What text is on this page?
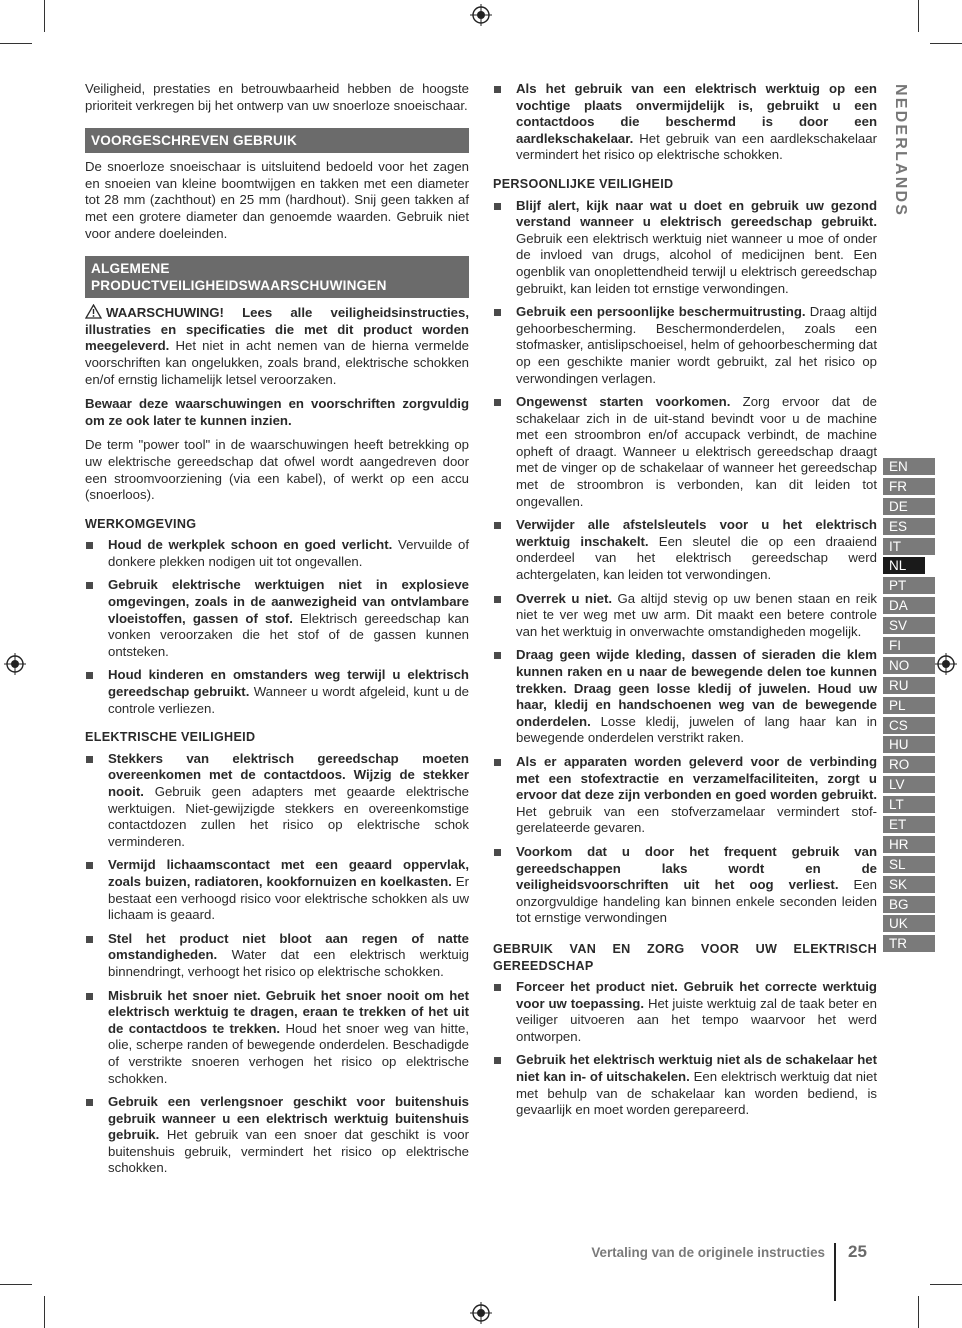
Veiligheid, prestaties en betrouwbaarheid hebben de hoogste prioriteit verkregen bij het ontwerp van uw snoerloze snoeischaar.

VOORGESCHREVEN GEBRUIK

De snoerloze snoeischaar is uitsluitend bedoeld voor het zagen en snoeien van kleine boomtwijgen en takken met een diameter tot 28 mm (zachthout) en 25 mm (hardhout). Snij geen takken af met een grotere diameter dan genoemde waarden. Gebruik niet voor andere doeleinden.

ALGEMENE
PRODUCTVEILIGHEIDSWAARSCHUWINGEN

WAARSCHUWING! Lees alle veiligheidsinstructies, illustraties en specificaties die met dit product worden meegeleverd. Het niet in acht nemen van de hierna vermelde voorschriften kan ongelukken, zoals brand, elektrische schokken en/of ernstig lichamelijk letsel veroorzaken.

Bewaar deze waarschuwingen en voorschriften zorgvuldig om ze ook later te kunnen inzien.

De term "power tool" in de waarschuwingen heeft betrekking op uw elektrische gereedschap dat ofwel wordt aangedreven door een stroomvoorziening (via een kabel), of werkt op een accu (snoerloos).

WERKOMGEVING
Houd de werkplek schoon en goed verlicht. Vervuilde of donkere plekken nodigen uit tot ongevallen.
Gebruik elektrische werktuigen niet in explosieve omgevingen, zoals in de aanwezigheid van ontvlambare vloeistoffen, gassen of stof. Elektrisch gereedschap kan vonken veroorzaken die het stof of de gassen kunnen ontsteken.
Houd kinderen en omstanders weg terwijl u elektrisch gereedschap gebruikt. Wanneer u wordt afgeleid, kunt u de controle verliezen.
ELEKTRISCHE VEILIGHEID
Stekkers van elektrisch gereedschap moeten overeenkomen met de contactdoos. Wijzig de stekker nooit. Gebruik geen adapters met geaarde elektrische werktuigen. Niet-gewijzigde stekkers en overeenkomstige contactdozen zullen het risico op elektrische schok verminderen.
Vermijd lichaamscontact met een geaard oppervlak, zoals buizen, radiatoren, kookfornuizen en koelkasten. Er bestaat een verhoogd risico voor elektrische schokken als uw lichaam is geaard.
Stel het product niet bloot aan regen of natte omstandigheden. Water dat een elektrisch werktuig binnendringt, verhoogt het risico op elektrische schokken.
Misbruik het snoer niet. Gebruik het snoer nooit om het elektrisch werktuig te dragen, eraan te trekken of het uit de contactdoos te trekken. Houd het snoer weg van hitte, olie, scherpe randen of bewegende onderdelen. Beschadigde of verstrikte snoeren verhogen het risico op elektrische schokken.
Gebruik een verlengsnoer geschikt voor buitenshuis gebruik wanneer u een elektrisch werktuig buitenshuis gebruik. Het gebruik van een snoer dat geschikt is voor buitenshuis gebruik, vermindert het risico op elektrische schokken.
Als het gebruik van een elektrisch werktuig op een vochtige plaats onvermijdelijk is, gebruikt u een contactdoos die beschermd is door een aardlekschakelaar. Het gebruik van een aardlekschakelaar vermindert het risico op elektrische schokken.
PERSOONLIJKE VEILIGHEID
Blijf alert, kijk naar wat u doet en gebruik uw gezond verstand wanneer u elektrisch gereedschap gebruikt. Gebruik een elektrisch werktuig niet wanneer u moe of onder de invloed van drugs, alcohol of medicijnen bent. Een ogenblik van onoplettendheid terwijl u elektrisch gereedschap gebruikt, kan leiden tot ernstige verwondingen.
Gebruik een persoonlijke beschermuitrusting. Draag altijd gehoorbescherming. Beschermonderdelen, zoals een stofmasker, antislipschoeisel, helm of gehoorbescherming dat op een geschikte manier wordt gebruikt, zal het risico op verwondingen verlagen.
Ongewenst starten voorkomen. Zorg ervoor dat de schakelaar zich in de uit-stand bevindt voor u de machine met een stroombron en/of accupack verbindt, de machine opheft of draagt. Wanneer u elektrisch gereedschap draagt met de vinger op de schakelaar of wanneer het gereedschap met de stroombron is verbonden, kan dit leiden tot ongevallen.
Verwijder alle afstelsleutels voor u het elektrisch werktuig inschakelt. Een sleutel die op een draaiend onderdeel van het elektrisch gereedschap werd achtergelaten, kan leiden tot verwondingen.
Overrek u niet. Ga altijd stevig op uw benen staan en reik niet te ver weg met uw arm. Dit maakt een betere controle van het werktuig in onverwachte omstandigheden mogelijk.
Draag geen wijde kleding, dassen of sieraden die klem kunnen raken en u naar de bewegende delen toe kunnen trekken. Draag geen losse kledij of juwelen. Houd uw haar, kledij en handschoenen weg van de bewegende onderdelen. Losse kledij, juwelen of lang haar kan in bewegende onderdelen verstrikt raken.
Als er apparaten worden geleverd voor de verbinding met een stofextractie en verzamelfaciliteiten, zorgt u ervoor dat deze zijn verbonden en goed worden gebruikt. Het gebruik van een stofverzamelaar vermindert stof-gerelateerde gevaren.
Voorkom dat u door het frequent gebruik van gereedschappen laks wordt en de veiligheidsvoorschriften uit het oog verliest. Een onzorgvuldige handeling kan binnen enkele seconden leiden tot ernstige verwondingen
GEBRUIK VAN EN ZORG VOOR UW ELEKTRISCH GEREEDSCHAP
Forceer het product niet. Gebruik het correcte werktuig voor uw toepassing. Het juiste werktuig zal de taak beter en veiliger uitvoeren aan het tempo waarvoor het werd ontworpen.
Gebruik het elektrisch werktuig niet als de schakelaar het niet kan in- of uitschakelen. Een elektrisch werktuig dat niet met behulp van de schakelaar kan worden bediend, is gevaarlijk en moet worden gerepareerd.
NEDERLANDS
EN
FR
DE
ES
IT
NL
PT
DA
SV
FI
NO
RU
PL
CS
HU
RO
LV
LT
ET
HR
SL
SK
BG
UK
TR
Vertaling van de originele instructies 25
